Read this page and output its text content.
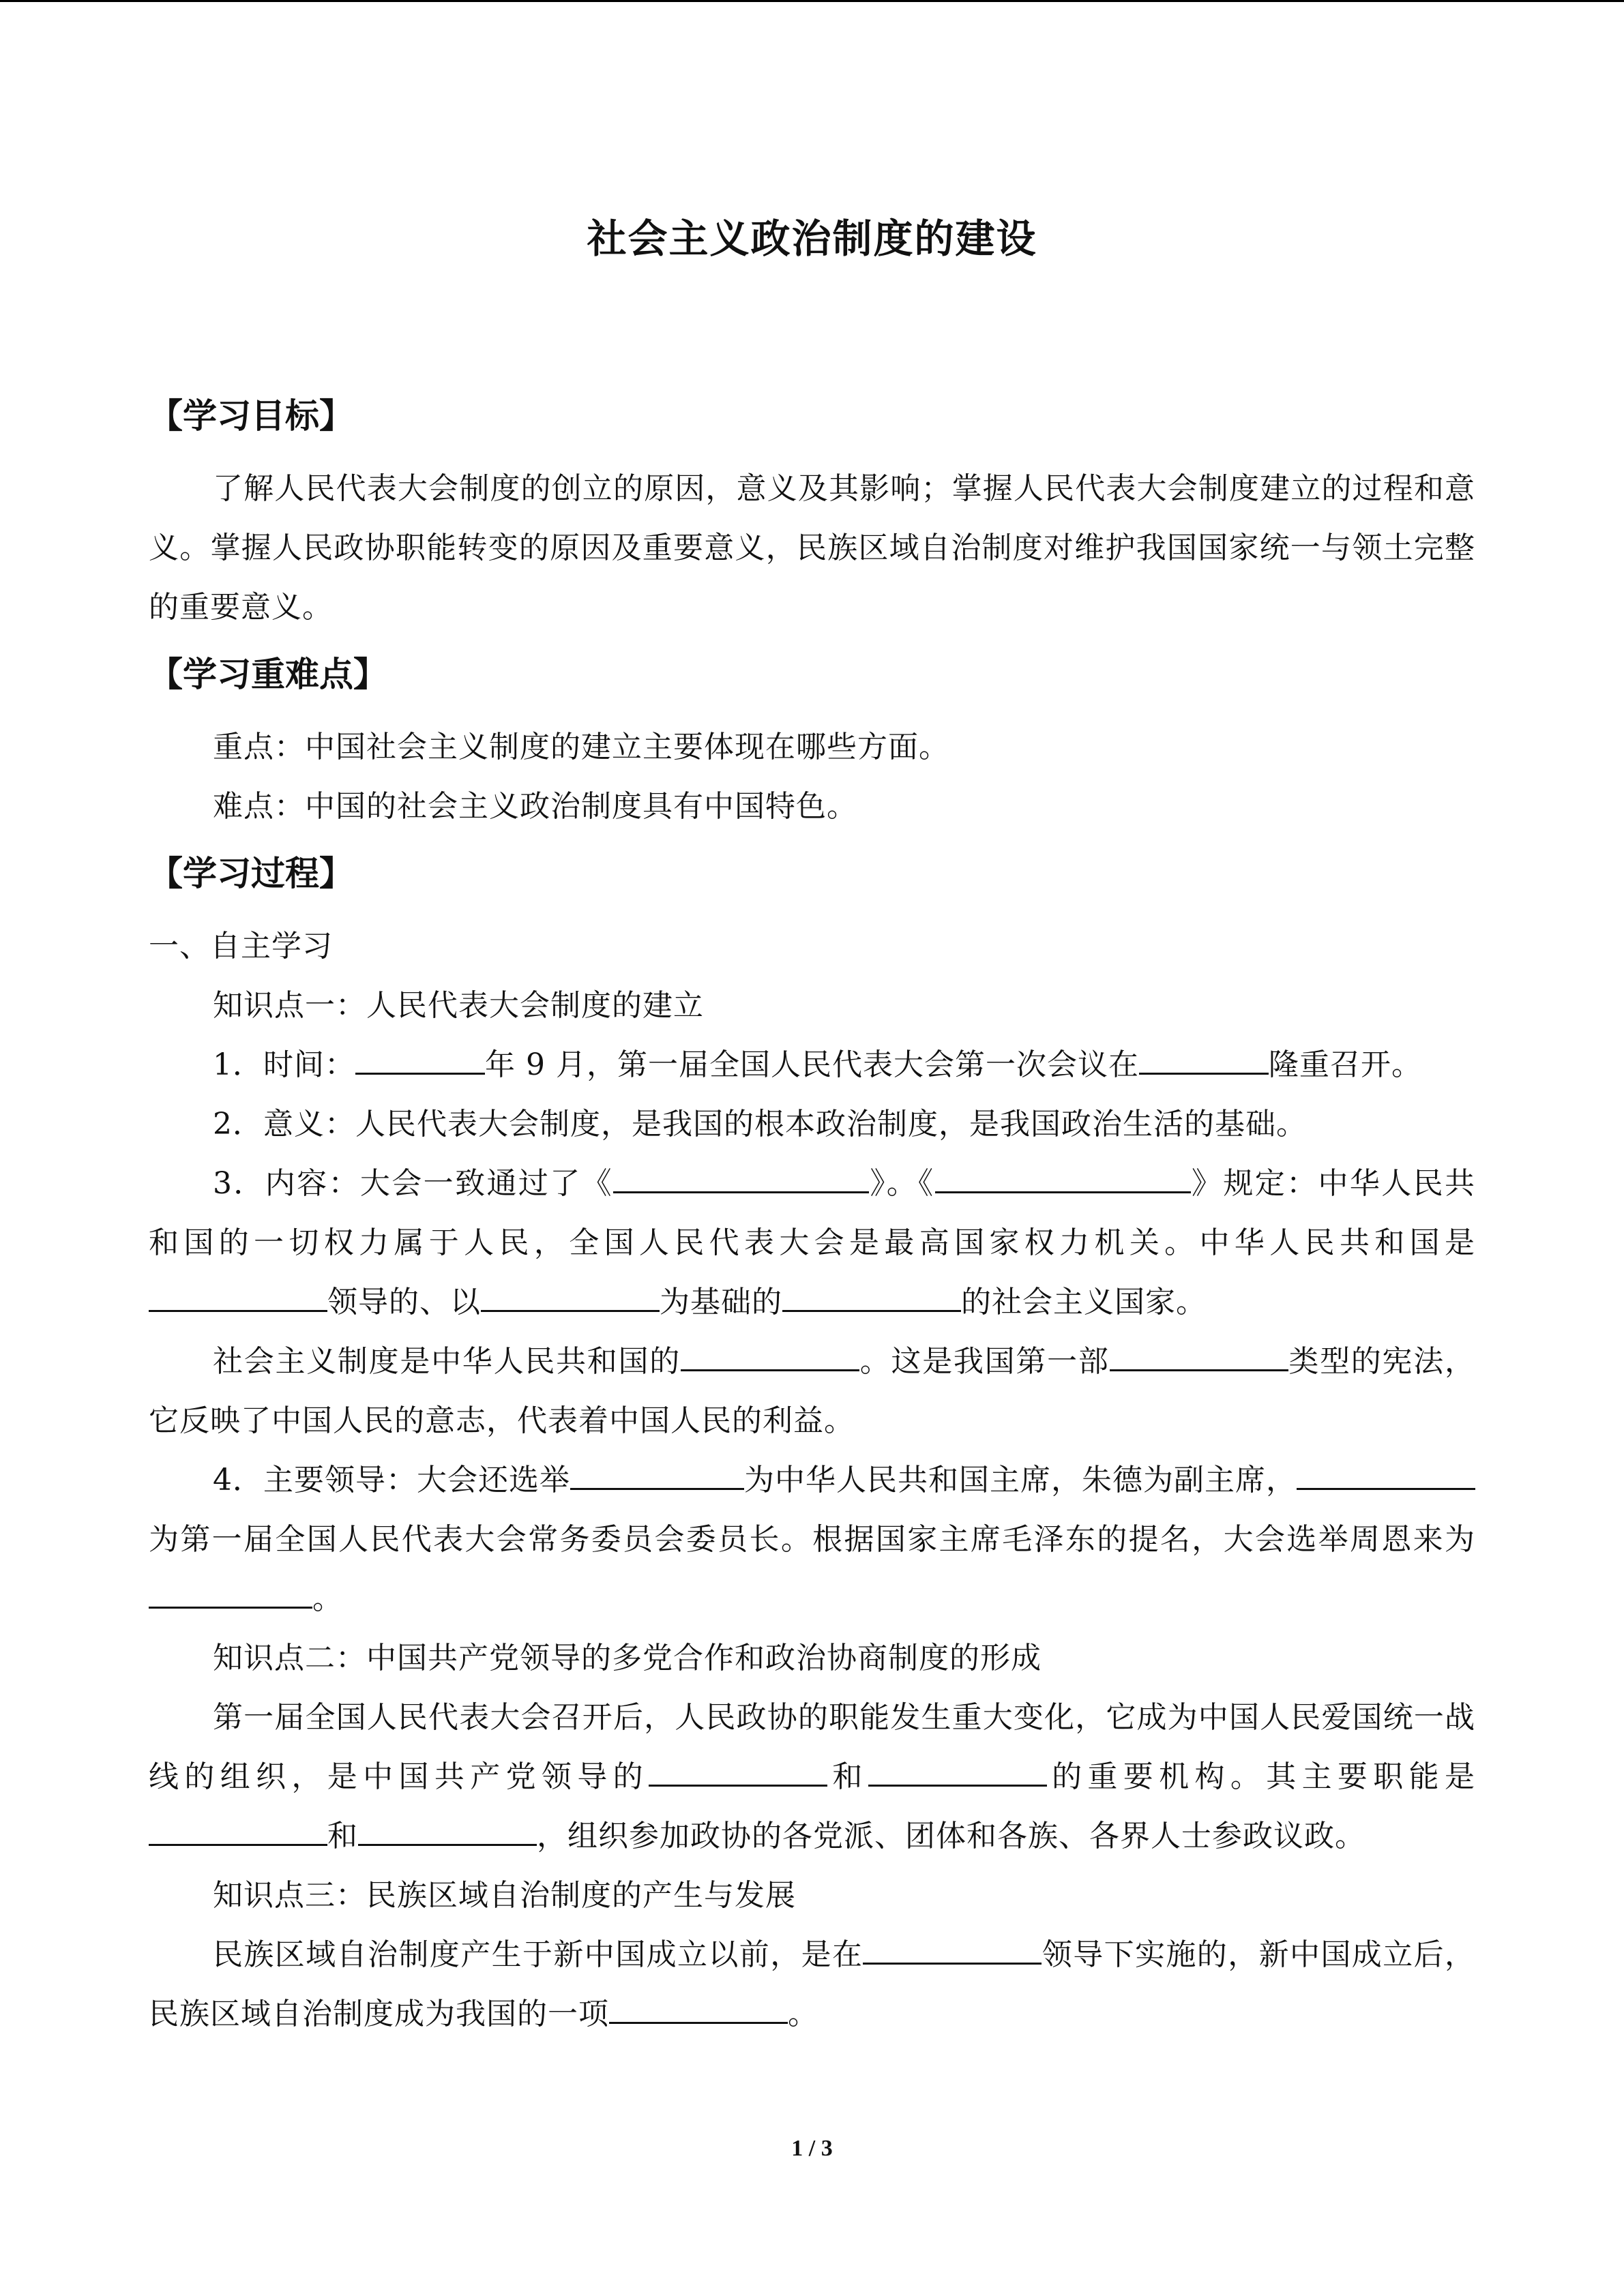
社会主义政治制度的建设
【学习目标】

了解人民代表大会制度的创立的原因，意义及其影响；掌握人民代表大会制度建立的过程和意义。掌握人民政协职能转变的原因及重要意义，民族区域自治制度对维护我国国家统一与领土完整的重要意义。

【学习重难点】

重点：中国社会主义制度的建立主要体现在哪些方面。

难点：中国的社会主义政治制度具有中国特色。

【学习过程】

一、自主学习

知识点一：人民代表大会制度的建立

1．时间：	年 9 月，第一届全国人民代表大会第一次会议在	隆重召开。

2．意义：人民代表大会制度，是我国的根本政治制度，是我国政治生活的基础。

3．内容：大会一致通过了《	》。《	》规定：中华人民共和国的一切权力属于人民，全国人民代表大会是最高国家权力机关。中华人民共和国是领导的、以	为基础的	的社会主义国家。

社会主义制度是中华人民共和国的	。这是我国第一部	类型的宪法，它反映了中国人民的意志，代表着中国人民的利益。

4．主要领导：大会还选举	为中华人民共和国主席，朱德为副主席，为第一届全国人民代表大会常务委员会委员长。根据国家主席毛泽东的提名，大会选举周恩来为。

知识点二：中国共产党领导的多党合作和政治协商制度的形成

第一届全国人民代表大会召开后，人民政协的职能发生重大变化，它成为中国人民爱国统一战线的组织，是中国共产党领导的	和	的重要机构。其主要职能是和	，组织参加政协的各党派、团体和各族、各界人士参政议政。

知识点三：民族区域自治制度的产生与发展

民族区域自治制度产生于新中国成立以前，是在	领导下实施的，新中国成立后，民族区域自治制度成为我国的一项	。

1 / 3
